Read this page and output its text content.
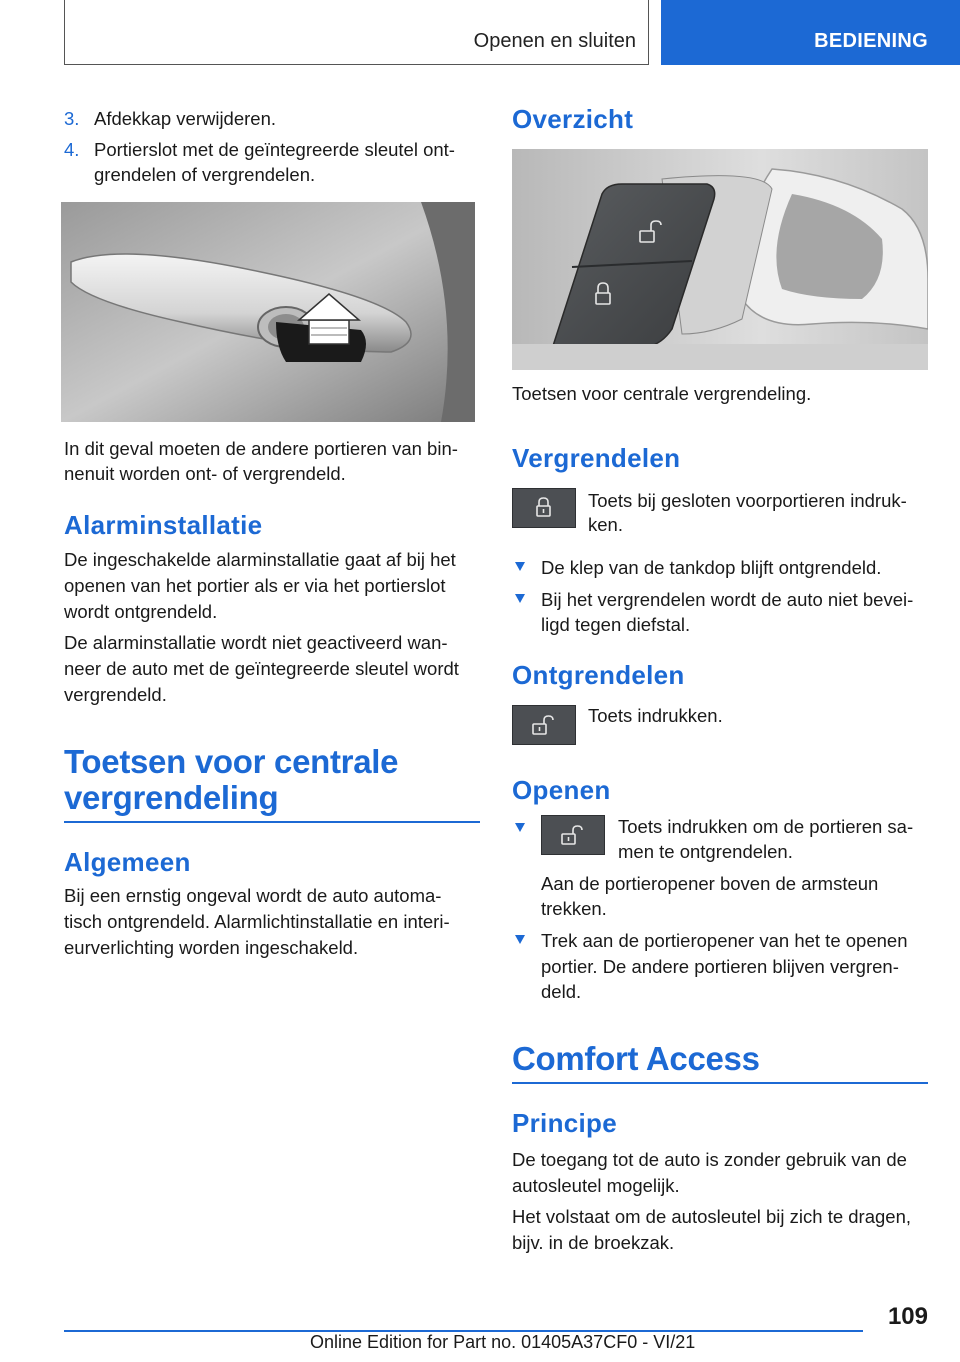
Openen en sluiten	BEDIENING
3. Afdekkap verwijderen.
4. Portierslot met de geïntegreerde sleutel ont-
grendelen of vergrendelen.
In dit geval moeten de andere portieren van bin-
nenuit worden ont- of vergrendeld.
Alarminstallatie
De ingeschakelde alarminstallatie gaat af bij het
openen van het portier als er via het portierslot
wordt ontgrendeld.
De alarminstallatie wordt niet geactiveerd wan-
neer de auto met de geïntegreerde sleutel wordt
vergrendeld.
Toetsen voor centrale
vergrendeling
Algemeen
Bij een ernstig ongeval wordt de auto automa-
tisch ontgrendeld. Alarmlichtinstallatie en interi-
eurverlichting worden ingeschakeld.
Overzicht
Toetsen voor centrale vergrendeling.
Vergrendelen
Toets bij gesloten voorportieren indruk-
ken.
De klep van de tankdop blijft ontgrendeld.
Bij het vergrendelen wordt de auto niet bevei-
ligd tegen diefstal.
Ontgrendelen
Toets indrukken.
Openen
Toets indrukken om de portieren sa-
men te ontgrendelen.
Aan de portieropener boven de armsteun
trekken.
Trek aan de portieropener van het te openen
portier. De andere portieren blijven vergren-
deld.
Comfort Access
Principe
De toegang tot de auto is zonder gebruik van de
autosleutel mogelijk.
Het volstaat om de autosleutel bij zich te dragen,
bijv. in de broekzak.
109
Online Edition for Part no. 01405A37CF0 - VI/21
